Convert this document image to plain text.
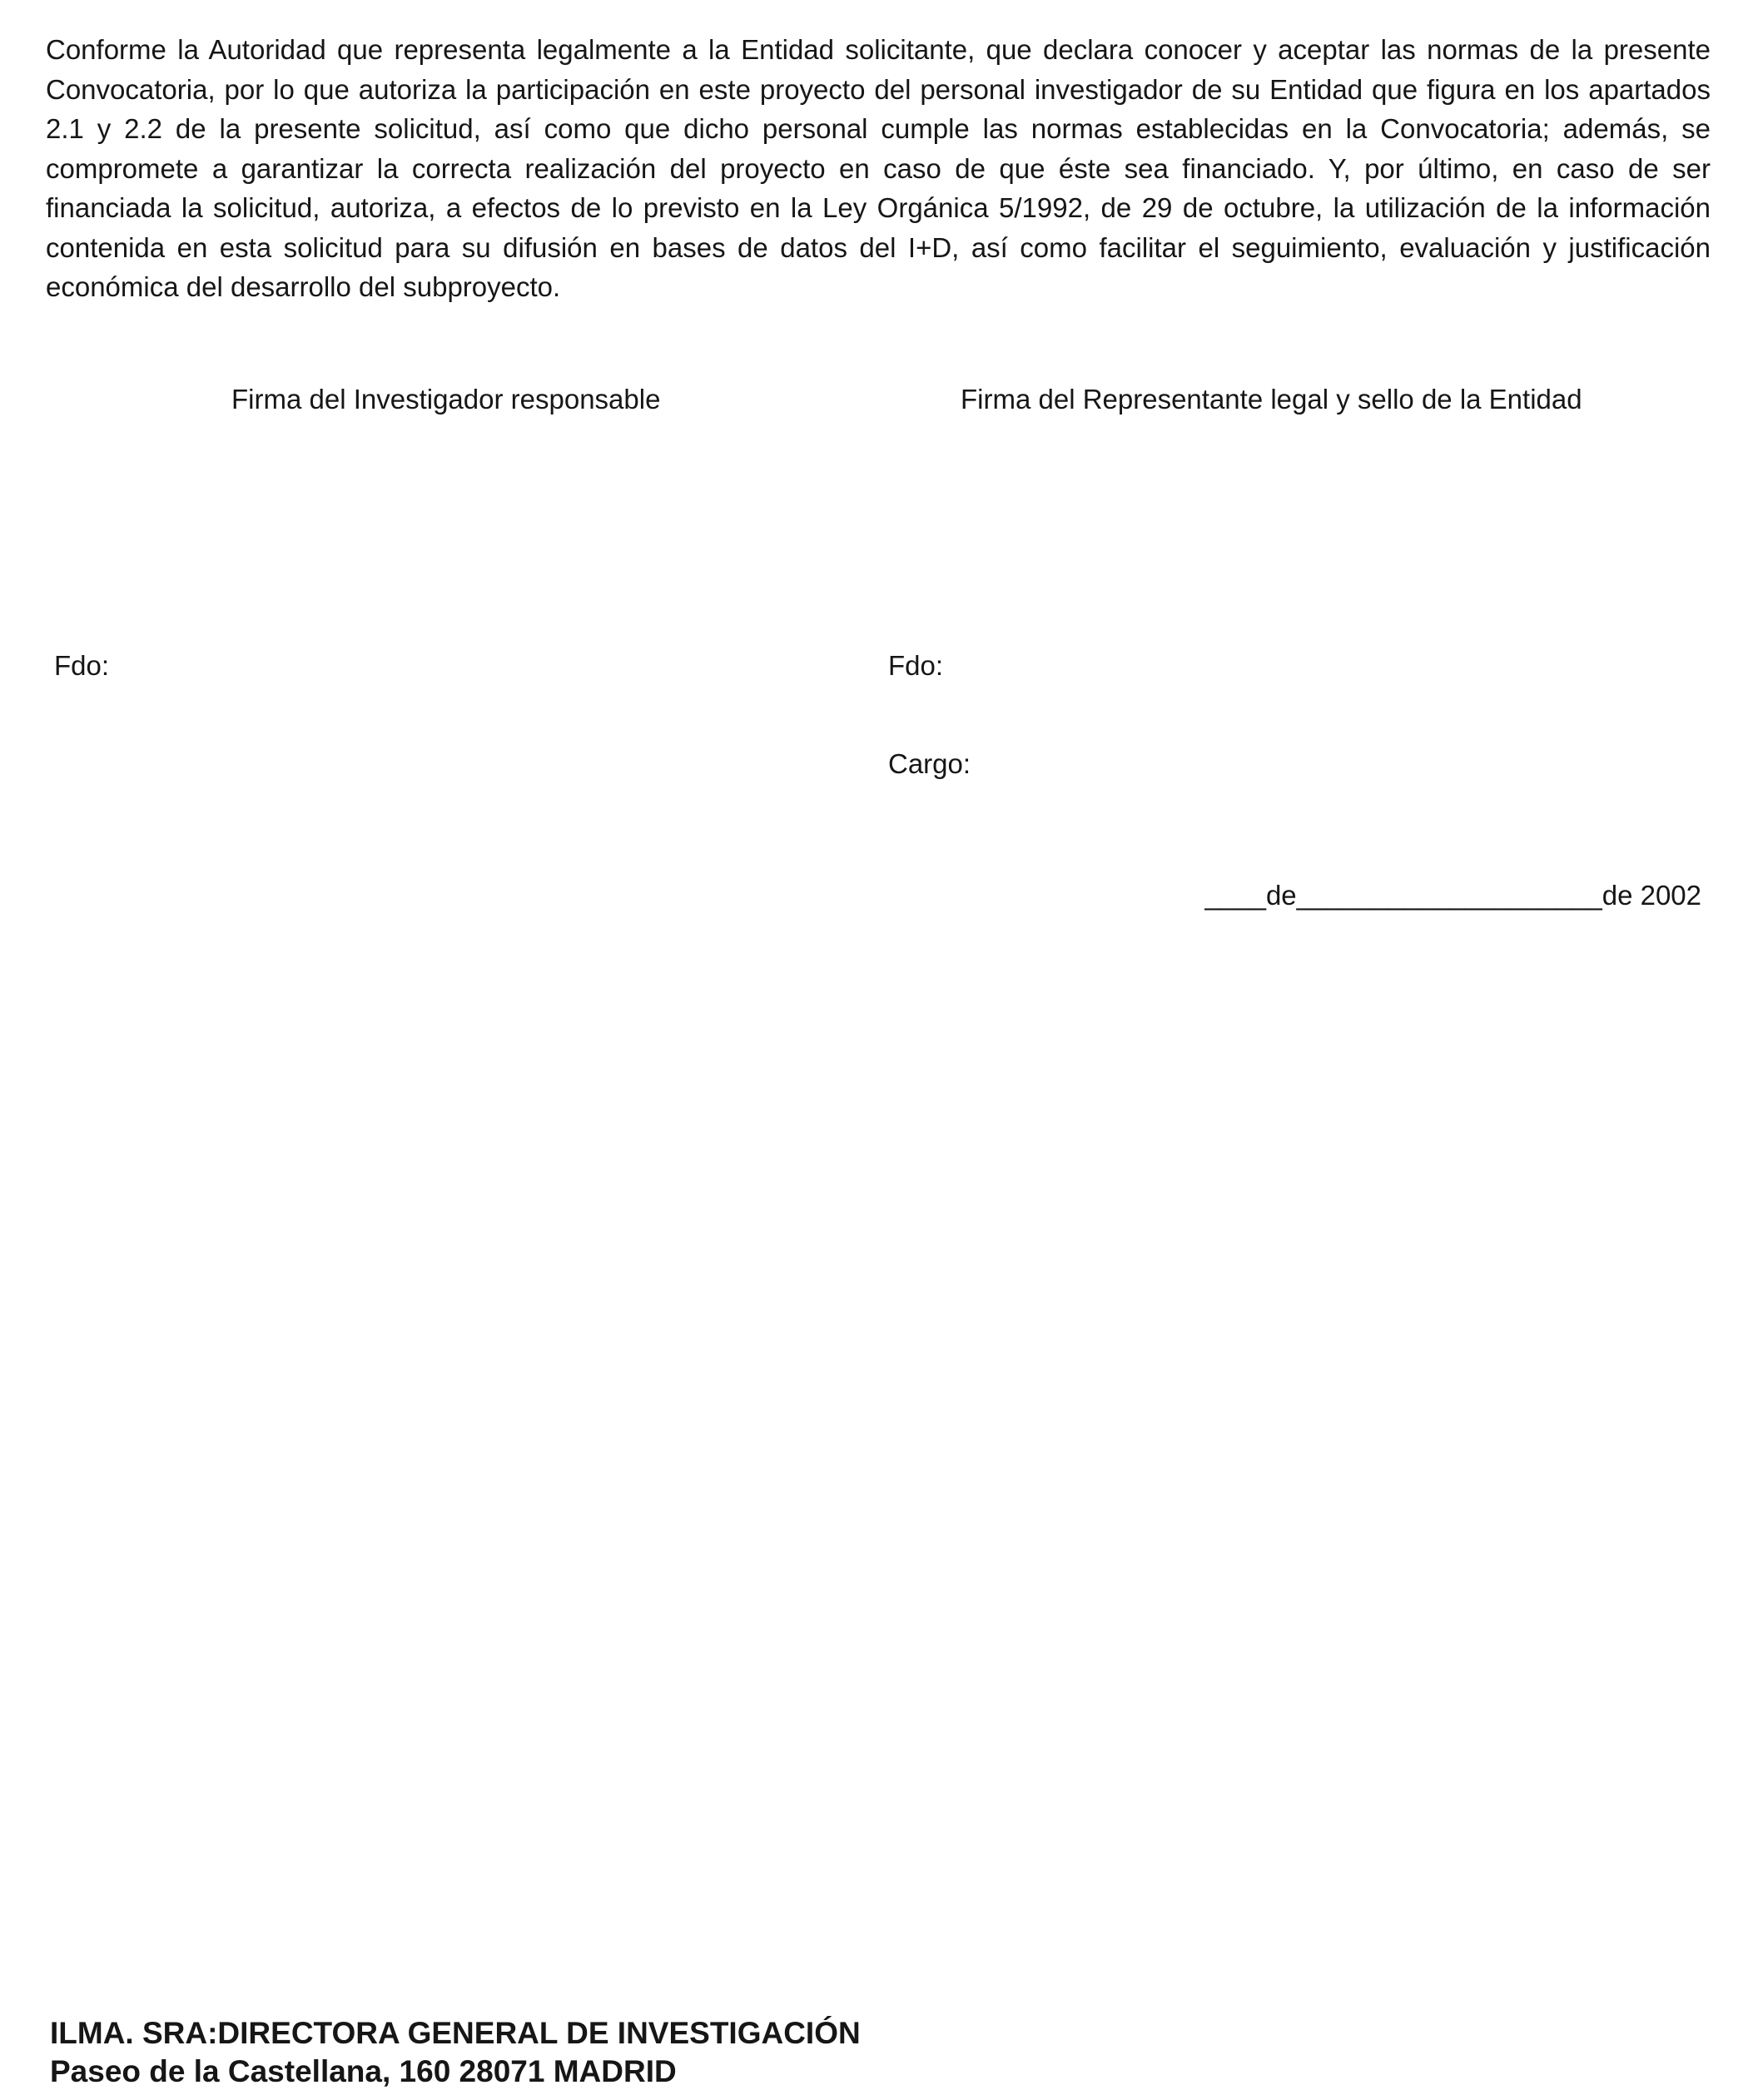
Conforme la Autoridad que representa legalmente a la Entidad solicitante, que declara conocer y aceptar las normas de la presente Convocatoria, por lo que autoriza la participación en este proyecto del personal investigador de su Entidad que figura en los apartados 2.1 y 2.2 de la presente solicitud, así como que dicho personal cumple las normas establecidas en la Convocatoria; además, se compromete a garantizar la correcta realización del proyecto en caso de que éste sea financiado. Y, por último, en caso de ser financiada la solicitud, autoriza, a efectos de lo previsto en la Ley Orgánica 5/1992, de 29 de octubre, la utilización de la información contenida en esta solicitud para su difusión en bases de datos del I+D, así como facilitar el seguimiento, evaluación y justificación económica del desarrollo del subproyecto.

Firma del Investigador responsable	Firma del Representante legal y sello de la Entidad

Fdo:	Fdo:
Cargo:
____de____________________de 2002
ILMA. SRA:DIRECTORA GENERAL DE INVESTIGACIÓN
Paseo de la Castellana, 160 28071 MADRID
